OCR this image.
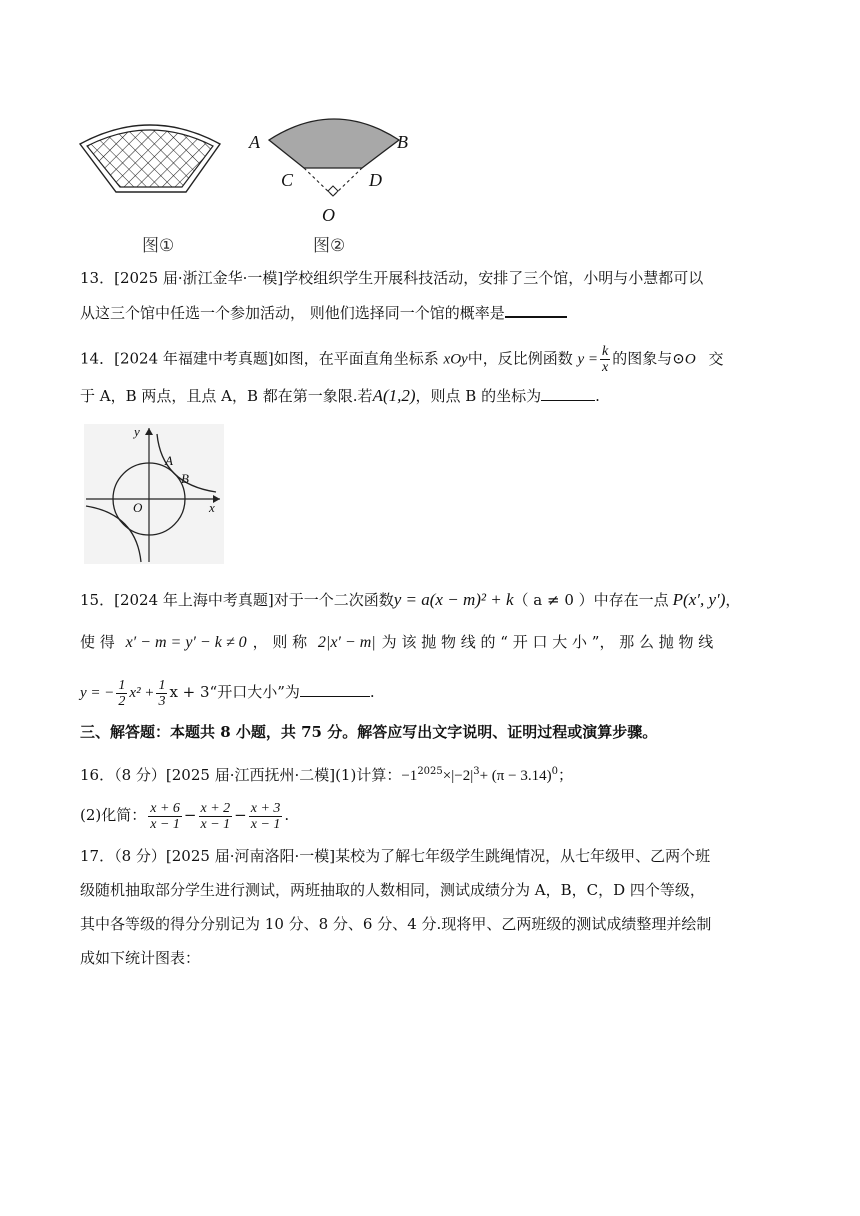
图①
A	B
C	D
O
图②
13．[2025 届·浙江金华·一模]学校组织学生开展科技活动，安排了三个馆，小明与小慧都可以
从这三个馆中任选一个参加活动， 则他们选择同一个馆的概率是
14．[2024 年福建中考真题]如图，在平面直角坐标系 xOy中，反比例函数 $y = \frac{k}{x}$ 的图象与⊙O 交
于 A，B 两点，且点 A，B 都在第一象限.若A(1,2)，则点 B 的坐标为	.
y
x
O
A
B
15．[2024 年上海中考真题]对于一个二次函数y = a(x − m)² + k（ a ≠ 0 ）中存在一点 P(x′, y′)，
使 得 x′ − m = y′ − k ≠ 0 ， 则 称 2|x′ − m| 为 该 抛 物 线 的 “ 开 口 大 小 ”， 那 么 抛 物 线
y = − $\frac{1}{2} x^2 + \frac{1}{3}$ x + 3“开口大小”为	.
三、解答题：本题共 8 小题，共 75 分。解答应写出文字说明、证明过程或演算步骤。
16．（8 分）[2025 届·江西抚州·二模](1)计算：$-1^{2025}\times|-2|^3+ (\pi - 3.14)^0$；
(2)化简： $\frac{x + 6}{x - 1} - \frac{x + 2}{x - 1} - \frac{x + 3}{x - 1}$ .
17．（8 分）[2025 届·河南洛阳·一模]某校为了解七年级学生跳绳情况，从七年级甲、乙两个班
级随机抽取部分学生进行测试，两班抽取的人数相同，测试成绩分为 A，B，C，D 四个等级，
其中各等级的得分分别记为 10 分、8 分、6 分、4 分.现将甲、乙两班级的测试成绩整理并绘制
成如下统计图表：
